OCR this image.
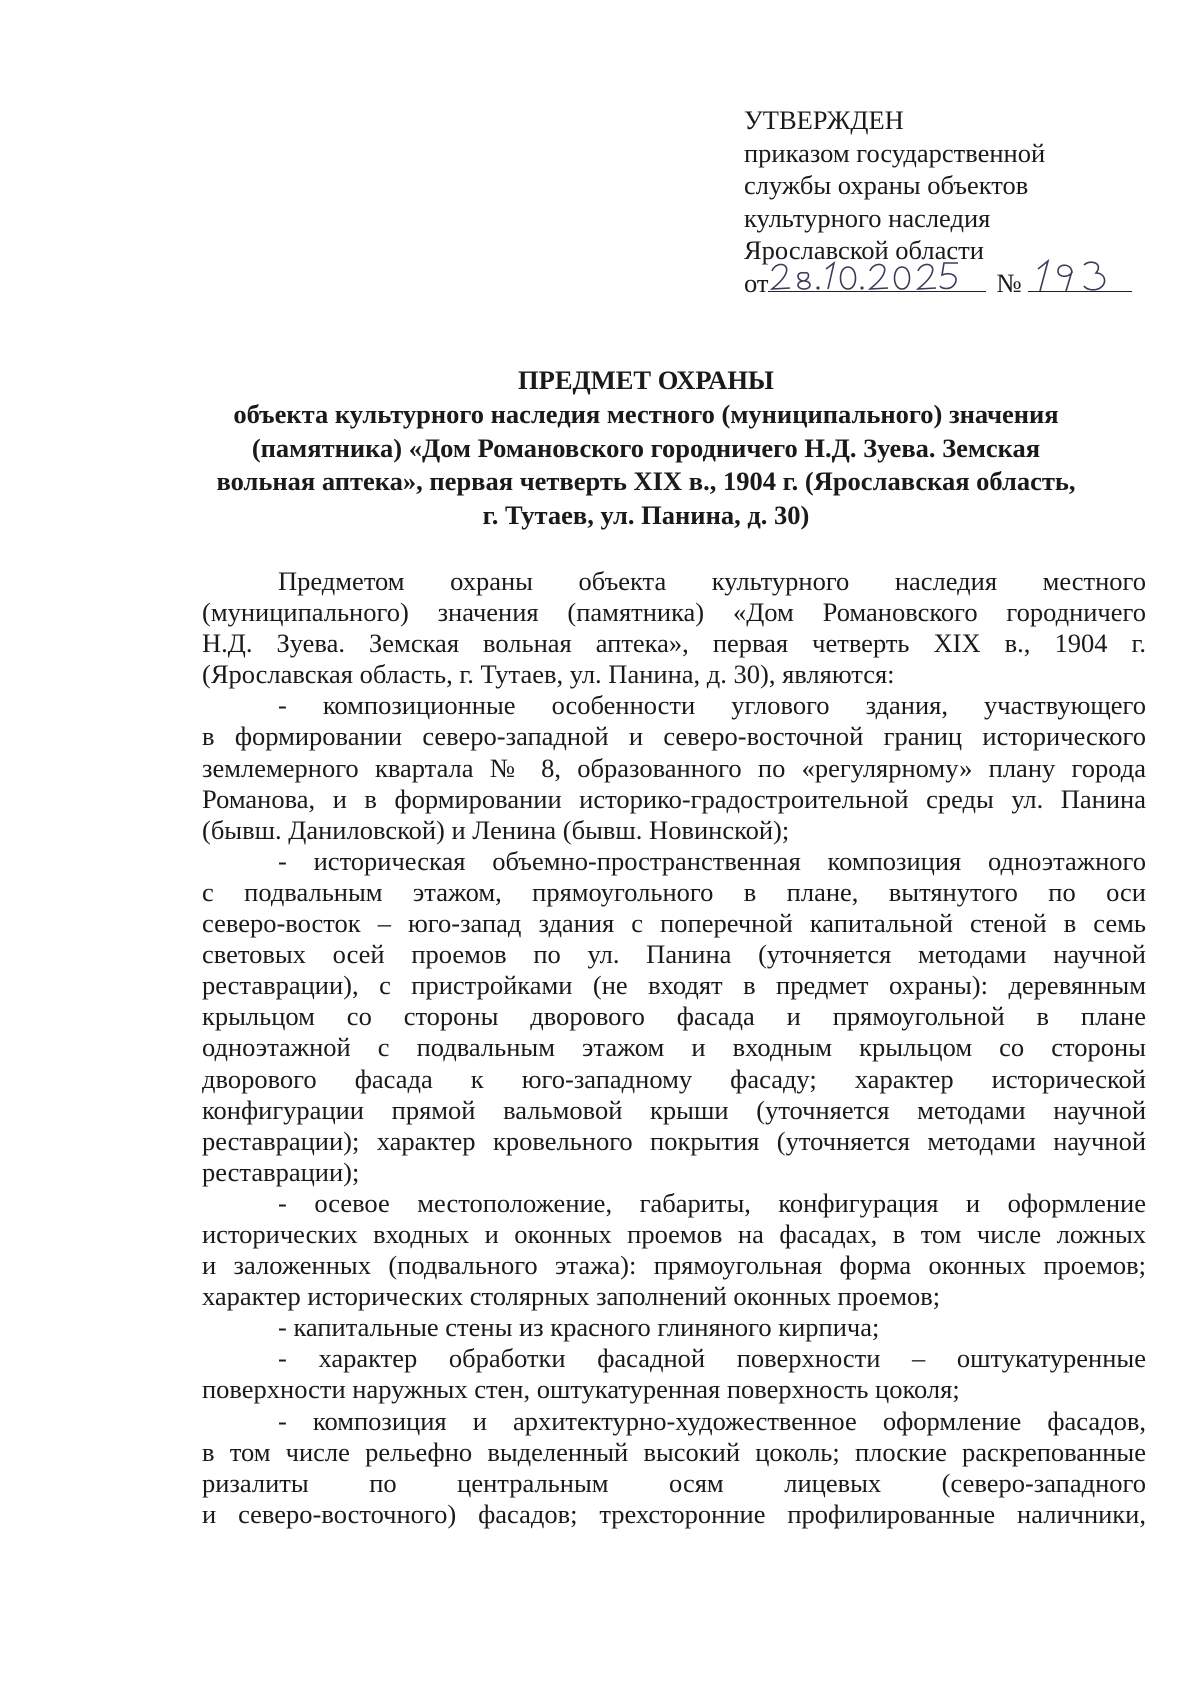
УТВЕРЖДЕН
приказом государственной
службы охраны объектов
культурного наследия
Ярославской области
от	№
ПРЕДМЕТ ОХРАНЫ
объекта культурного наследия местного (муниципального) значения
(памятника) «Дом Романовского городничего Н.Д. Зуева. Земская
вольная аптека», первая четверть XIX в., 1904 г. (Ярославская область,
г. Тутаев, ул. Панина, д. 30)
Предметом охраны объекта культурного наследия местного
(муниципального) значения (памятника) «Дом Романовского городничего
Н.Д. Зуева. Земская вольная аптека», первая четверть XIX в., 1904 г.
(Ярославская область, г. Тутаев, ул. Панина, д. 30), являются:
- композиционные особенности углового здания, участвующего
в формировании северо-западной и северо-восточной границ исторического
землемерного квартала № 8, образованного по «регулярному» плану города
Романова, и в формировании историко-градостроительной среды ул. Панина
(бывш. Даниловской) и Ленина (бывш. Новинской);
- историческая объемно-пространственная композиция одноэтажного
с подвальным этажом, прямоугольного в плане, вытянутого по оси
северо-восток – юго-запад здания с поперечной капитальной стеной в семь
световых осей проемов по ул. Панина (уточняется методами научной
реставрации), с пристройками (не входят в предмет охраны): деревянным
крыльцом со стороны дворового фасада и прямоугольной в плане
одноэтажной с подвальным этажом и входным крыльцом со стороны
дворового фасада к юго-западному фасаду; характер исторической
конфигурации прямой вальмовой крыши (уточняется методами научной
реставрации); характер кровельного покрытия (уточняется методами научной
реставрации);
- осевое местоположение, габариты, конфигурация и оформление
исторических входных и оконных проемов на фасадах, в том числе ложных
и заложенных (подвального этажа): прямоугольная форма оконных проемов;
характер исторических столярных заполнений оконных проемов;
- капитальные стены из красного глиняного кирпича;
- характер обработки фасадной поверхности – оштукатуренные
поверхности наружных стен, оштукатуренная поверхность цоколя;
- композиция и архитектурно-художественное оформление фасадов,
в том числе рельефно выделенный высокий цоколь; плоские раскрепованные
ризалиты по центральным осям лицевых (северо-западного
и северо-восточного) фасадов; трехсторонние профилированные наличники,
